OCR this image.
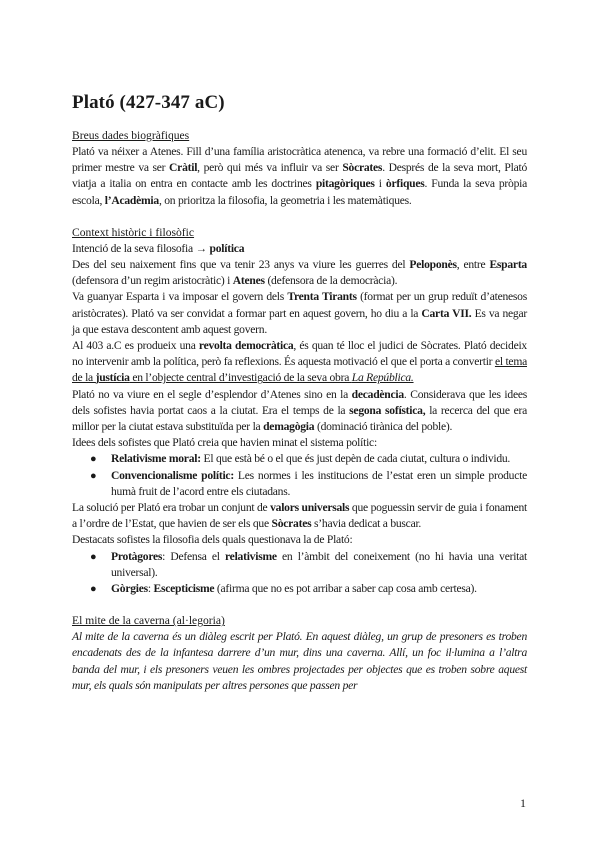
Plató (427-347 aC)
Breus dades biogràfiques

Plató va néixer a Atenes. Fill d’una família aristocràtica atenenca, va rebre una formació d’elit. El seu primer mestre va ser Cràtil, però qui més va influir va ser Sòcrates. Després de la seva mort, Plató viatja a italia on entra en contacte amb les doctrines pitagòriques i òrfiques. Funda la seva pròpia escola, l’Acadèmia, on prioritza la filosofia, la geometria i les matemàtiques.

Context històric i filosòfic

Intenció de la seva filosofia → política

Des del seu naixement fins que va tenir 23 anys va viure les guerres del Peloponès, entre Esparta (defensora d’un regim aristocràtic) i Atenes (defensora de la democràcia).

Va guanyar Esparta i va imposar el govern dels Trenta Tirants (format per un grup reduït d’atenesos aristòcrates). Plató va ser convidat a formar part en aquest govern, ho diu a la Carta VII. Es va negar ja que estava descontent amb aquest govern.

Al 403 a.C es produeix una revolta democràtica, és quan té lloc el judici de Sòcrates. Plató decideix no intervenir amb la política, però fa reflexions. És aquesta motivació el que el porta a convertir el tema de la justícia en l’objecte central d’investigació de la seva obra La República.

Plató no va viure en el segle d’esplendor d’Atenes sino en la decadència. Considerava que les idees dels sofistes havia portat caos a la ciutat. Era el temps de la segona sofística, la recerca del que era millor per la ciutat estava substituïda per la demagògia (dominació tirànica del poble).

Idees dels sofistes que Plató creia que havien minat el sistema polític:

● Relativisme moral: El que està bé o el que és just depèn de cada ciutat, cultura o individu.
● Convencionalisme polític: Les normes i les institucions de l’estat eren un simple producte humà fruit de l’acord entre els ciutadans.

La solució per Plató era trobar un conjunt de valors universals que poguessin servir de guia i fonament a l’ordre de l’Estat, que havien de ser els que Sòcrates s’havia dedicat a buscar.

Destacats sofistes la filosofia dels quals questionava la de Plató:

● Protàgores: Defensa el relativisme en l’àmbit del coneixement (no hi havia una veritat universal).
● Gòrgies: Escepticisme (afirma que no es pot arribar a saber cap cosa amb certesa).
El mite de la caverna (al·legoria)

Al mite de la caverna és un diàleg escrit per Plató. En aquest diàleg, un grup de presoners es troben encadenats des de la infantesa darrere d’un mur, dins una caverna. Allí, un foc il·lumina a l’altra banda del mur, i els presoners veuen les ombres projectades per objectes que es troben sobre aquest mur, els quals són manipulats per altres persones que passen per

1
